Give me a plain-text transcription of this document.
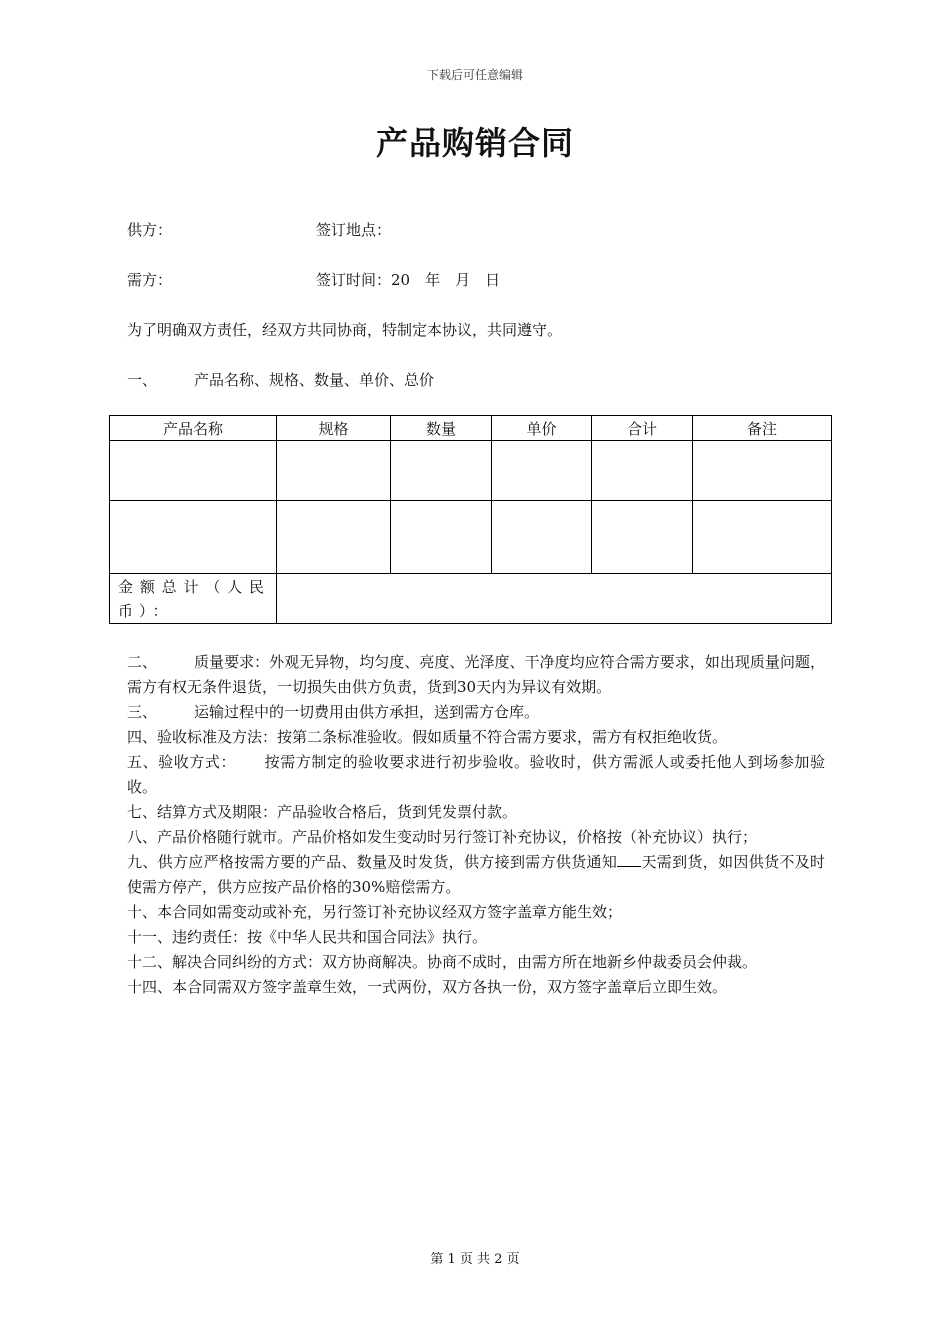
下载后可任意编辑
产品购销合同
供方：	签订地点：
需方：	签订时间：20　年　月　日
为了明确双方责任，经双方共同协商，特制定本协议，共同遵守。
一、 产品名称、规格、数量、单价、总价
产品名称	规格	数量	单价	合计	备注

金额总计（人民币）：					

二、 质量要求：外观无异物，均匀度、亮度、光泽度、干净度均应符合需方要求，如出现质量问题，需方有权无条件退货，一切损失由供方负责，货到30天内为异议有效期。

三、 运输过程中的一切费用由供方承担，送到需方仓库。

四、验收标准及方法：按第二条标准验收。假如质量不符合需方要求，需方有权拒绝收货。

五、验收方式： 按需方制定的验收要求进行初步验收。验收时，供方需派人或委托他人到场参加验收。

七、结算方式及期限：产品验收合格后，货到凭发票付款。

八、产品价格随行就市。产品价格如发生变动时另行签订补充协议，价格按（补充协议）执行；

九、供方应严格按需方要的产品、数量及时发货，供方接到需方供货通知 天需到货，如因供货不及时使需方停产，供方应按产品价格的30%赔偿需方。

十、本合同如需变动或补充，另行签订补充协议经双方签字盖章方能生效；

十一、违约责任：按《中华人民共和国合同法》执行。

十二、解决合同纠纷的方式：双方协商解决。协商不成时，由需方所在地新乡仲裁委员会仲裁。

十四、本合同需双方签字盖章生效，一式两份，双方各执一份，双方签字盖章后立即生效。

第 1 页 共 2 页
